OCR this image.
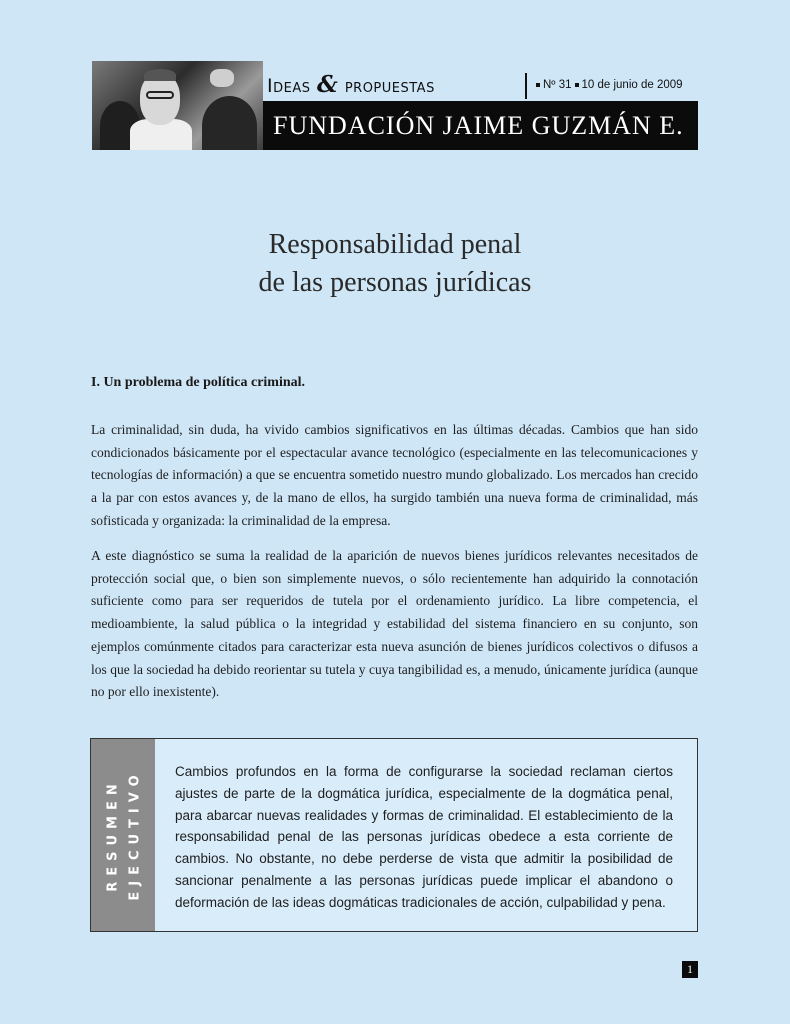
Ideas & propuestas	Nº 31 10 de junio de 2009
FUNDACIÓN JAIME GUZMÁN E.
Responsabilidad penal
de las personas jurídicas
I. Un problema de política criminal.
La criminalidad, sin duda, ha vivido cambios significativos en las últimas décadas. Cambios que han sido condicionados básicamente por el espectacular avance tecnológico (especialmente en las telecomunicaciones y tecnologías de información) a que se encuentra sometido nuestro mundo globalizado. Los mercados han crecido a la par con estos avances y, de la mano de ellos, ha surgido también una nueva forma de criminalidad, más sofisticada y organizada: la criminalidad de la empresa.
A este diagnóstico se suma la realidad de la aparición de nuevos bienes jurídicos relevantes necesitados de protección social que, o bien son simplemente nuevos, o sólo recientemente han adquirido la connotación suficiente como para ser requeridos de tutela por el ordenamiento jurídico. La libre competencia, el medioambiente, la salud pública o la integridad y estabilidad del sistema financiero en su conjunto, son ejemplos comúnmente citados para caracterizar esta nueva asunción de bienes jurídicos colectivos o difusos a los que la sociedad ha debido reorientar su tutela y cuya tangibilidad es, a menudo, únicamente jurídica (aunque no por ello inexistente).
RESUMEN EJECUTIVO Cambios profundos en la forma de configurarse la sociedad reclaman ciertos ajustes de parte de la dogmática jurídica, especialmente de la dogmática penal, para abarcar nuevas realidades y formas de criminalidad. El establecimiento de la responsabilidad penal de las personas jurídicas obedece a esta corriente de cambios. No obstante, no debe perderse de vista que admitir la posibilidad de sancionar penalmente a las personas jurídicas puede implicar el abandono o deformación de las ideas dogmáticas tradicionales de acción, culpabilidad y pena.
1
